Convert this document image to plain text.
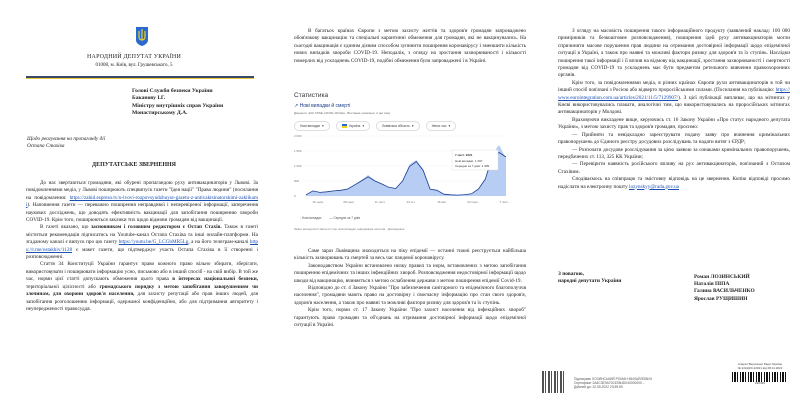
НАРОДНИЙ ДЕПУТАТ УКРАЇНИ
01008, м. Київ, вул. Грушевського, 5
Голові Служби безпеки України
Баканову І.Г.
Міністру внутрішніх справ України
Монастирському Д.А.
Щодо реагування на пропаганду дії
Остапа Стахіва
ДЕПУТАТСЬКЕ ЗВЕРНЕННЯ

До нас звертаються громадяни, які обурені пропагандою руху антивакцинаторів у Львові. За повідомленнями медіа, у Львові поширюють спецвипуск газети "Ідея нації" "Права людини" (посилання на повідомлення: https://zahid.espreso.tv/u-lvovi-rozpovsyudzhuyut-gazetu-z-antivaktsinatorskimi-zaklikami). Наповнення газети — переважно поширення неправдивої і неперевіреної інформації, заперечення наукових досліджень, що доводять ефективність вакцинації для запобігання поширенню хвороби COVID-19. Крім того, поширюються заклики тих щодо відмови громадян від вакцинації.

В газеті вказано, що засновником і головним редактором є Остап Стахів. Також в газеті міститься рекомендація підписатись на Youtube-канал Остапа Стахіва та інші онлайн-платформи. На згаданому каналі є випуск про цю газету https://youtu.be/G_LCGbMR5Lg, а на його телеграм-каналі https://t.me/ostakhiv/1128 є макет газети, що підтверджує участь Остапа Стахіва в її створенні і розповсюдженні.

Стаття 34 Конституції України гарантує право кожного право вільно збирати, зберігати, використовувати і поширювати інформацію усно, письмово або в інший спосіб - на свій вибір. В той же час, норми цієї статті допускають обмеження цього права в інтересах національної безпеки, територіальної цілісності або громадського порядку з метою запобігання заворушенням чи злочинам, для охорони здоров'я населення, для захисту репутації або прав інших людей, для запобігання розголошенню інформації, одержаної конфіденційно, або для підтримання авторитету і неупередженості правосуддя.

В багатьох країнах Європи з метою захисту життів та здоров'я громадян запроваджено обов'язкову вакцинацію та спеціальні карантинні обмеження для громадян, які не вакцинувались. На сьогодні вакцинація є єдиним дієвим способом зупинити поширення коронавірусу і зменшити кількість нових випадків хвороби COVID-19. Неподалік, з огляду на зростання захворюваності і кількості померлих від ускладнень COVID-19, подібні обмеження були запроваджені і в Україні.

Статистика
↗ Нові випадки й смерті
Джерело: JHU CSSE COVID-19 Data · Востаннє оновлено: 2 дні тому
Нові випадки ▾	Україна ▾	Львівська область ▾	Увесь час ▾
0
500
1 000
1 500
2 000
16 черв.	28 серп.	11 лист.	23 січ.	16 квіт.	24 серп.	7 лист.
7 лист. 2021
Нові випадки: 1 297
Середнє за 7 днів: 1 309
▪ Нові випадки	— Середнє за 7 днів
Зміни методології звітності про нові випадки, інформація неточна · Докладніше

Саме зараз Львівщина знаходиться на піку епідемії — останні тижні реєструється найбільша кількість захворювань та смертей за весь час пандемії коронавірусу.

Законодавством України встановлено низку правил та норм, встановлених з метою запобігання поширенню епідемічних та інших інфекційних хвороб. Розповсюдження недостовірної інформації щодо шкоди від вакцинацію, вчиняється з метою ослаблення держави з метою поширення епідемії Covid-19.

Відповідно до ст. 4 Закону України "Про забезпечення санітарного та епідемічного благополуччя населення", громадяни мають право на достовірну і своєчасну інформацію про стан свого здоров'я, здоров'я населення, а також про наявні та можливі фактори ризику для здоров'я та їх ступінь.

Крім того, норми ст. 17 Закону України "Про захист населення від інфекційних хвороб" гарантують право громадян та об'єднань на отримання достовірної інформації щодо епідемічної ситуації в Україні.

З огляду на масовість поширення такого інформаційного продукту (заявлений наклад: 100 000 примірників та безкоштовне розповсюдження), поширення ідей руху антивакцинаторів могли спричинити масове порушення прав людини на отримання достовірної інформації щодо епідемічної ситуації в Україні, а також про наявні та можливі фактори ризику для здоров'я та їх ступінь. Наслідки поширення такої інформації і її вплив на відмову від вакцинації, зростання захворюваності і смертності громадян від COVID-19 та ускладнень має бути предметом ретельного вивчення правоохоронних органів.

Крім того, за повідомленнями медіа, в різних країнах Європи рухи антивакцинаторів в той чи інший спосіб пов'язані з Росією або відверто проросійськими силами. (Посилання на публікацію: https://www.eurointegration.com.ua/articles/2021/11/5/7129907/). З цієї публікації випливає, що на мітингах у Києві використовувались плакати, аналогічні тим, що використовувались на проросійських мітингах антивакцинаторів у Молдові.

Враховуючи викладене вище, керуючись ст. 16 Закону України «Про статус народного депутата України», з метою захисту прав та здоров'я громадян, просимо:

— Прийняти та невідкладно зареєструвати подану заяву про вчинення кримінальних правопорушень до Єдиного реєстру досудових розслідувань та надати витяг з ЄРДР;

— Розпочати досудове розслідування за цією заявою за ознаками кримінальних правопорушень, передбачених ст. 113, 325 КК України;

— Перевірити наявність російського впливу на рух антивакцинаторів, пов'язаний з Остапом Стахівим.

Сподіваємось на співпрацю та змістовну відповідь на це звернення. Копію відповіді просимо надіслати на електронну пошту lozynskyy@rada.gov.ua

З повагою,
народні депутати України
Роман ЛОЗИНСЬКИЙ
Наталія ПІПА
Галина ВАСИЛЬЧЕНКО
Ярослав РУЩИШИН
Підписувач ЛОЗИНСЬКИЙ РОМАН МИХАЙЛОВИЧ
Сертифікат 2A6C3E9A7D1E0B4D040000000...
Дійсний до: 22.05.2022 23:59:59
Апарат Верховної Ради України
№ 222д9/0-12921 від 08.11.2021
292495
